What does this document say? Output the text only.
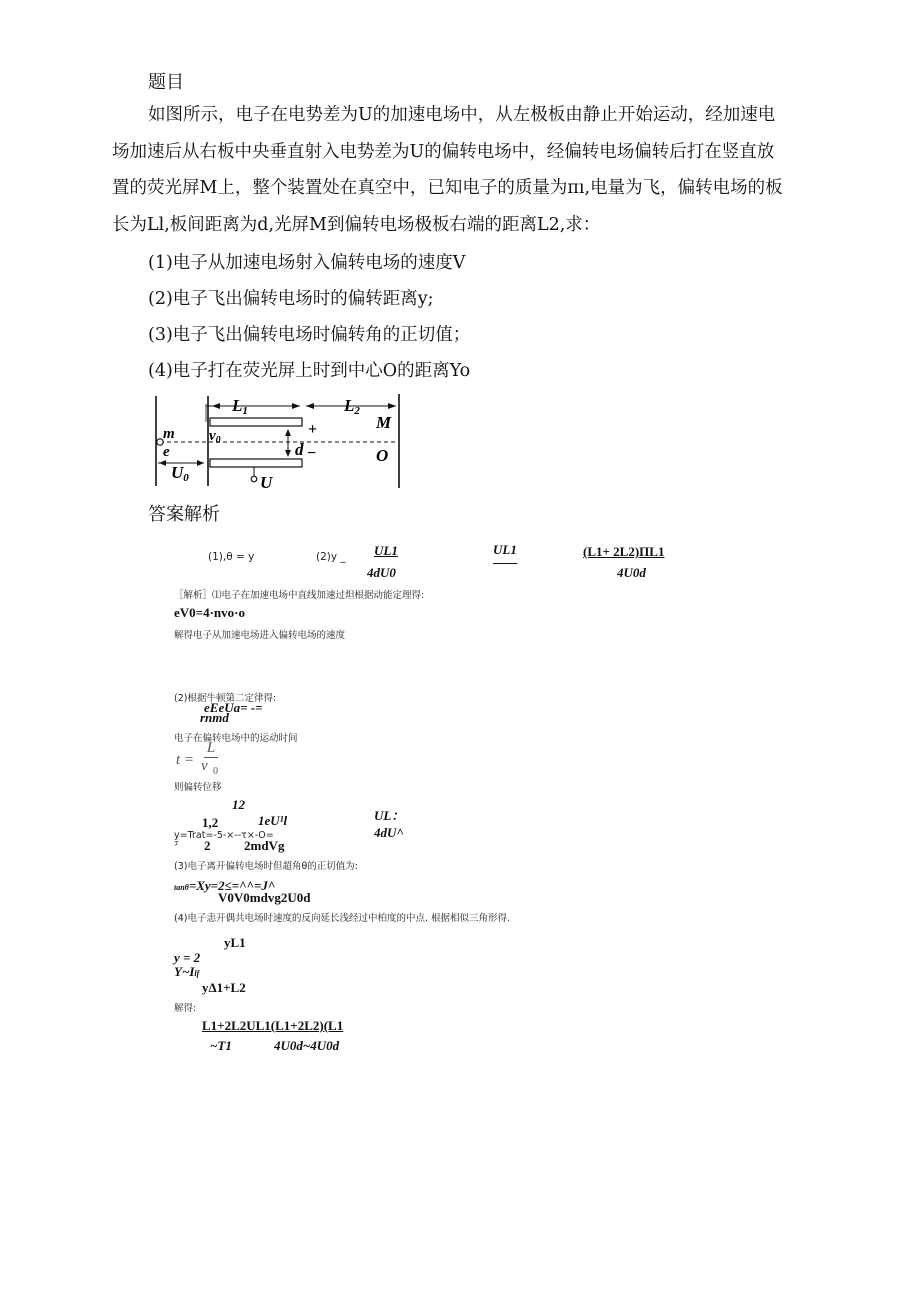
题目
如图所示，电子在电势差为U的加速电场中，从左极板由静止开始运动，经加速电
场加速后从右板中央垂直射入电势差为U的偏转电场中，经偏转电场偏转后打在竖直放
置的荧光屏M上，整个装置处在真空中，已知电子的质量为πı,电量为飞，偏转电场的板
长为Ll,板间距离为d,光屏M到偏转电场极板右端的距离L2,求：
(1)电子从加速电场射入偏转电场的速度V
(2)电子飞出偏转电场时的偏转距离y;
(3)电子飞出偏转电场时偏转角的正切值；
(4)电子打在荧光屏上时到中心O的距离Yo
L1	L2
M
m
e
$v_0$
U0
+
d −	O
U
答案解析
(1),θ = y	(2)y _ UL1
4dU0
UL1	(L1+ 2L2)ΠL1
4U0d
［解析］⑴电子在加速电场中直线加速过炟根据动能定理得:
eV0=4·nvo·o
解得电子从加速电场进入偏转电场的速度
(2)根据牛顿第二定律得:
eEeUa= -=
rnmd
电子在偏转电场中的运动时间
t =
L
v 0
则偏转位移
12
1,2	1eU¹l
y=Trat=-5-×--τ×-O=
7 2	2mdVg
UL：
4dU^
(3)电子离开偏转电场时但超角θ的正切值为:
tanθ=Xy=2≤=^^=J^
V0V0mdvg2U0d
(4)电子恚开偶共电场时速度的反向延长浅经过中柏度的中点. 根据相似三角形得.
yL1
y = 2
Y~Ilf
yΔ1+L2
解得:
L1+2L2UL1(L1+2L2)(L1
~T1	4U0d~4U0d
